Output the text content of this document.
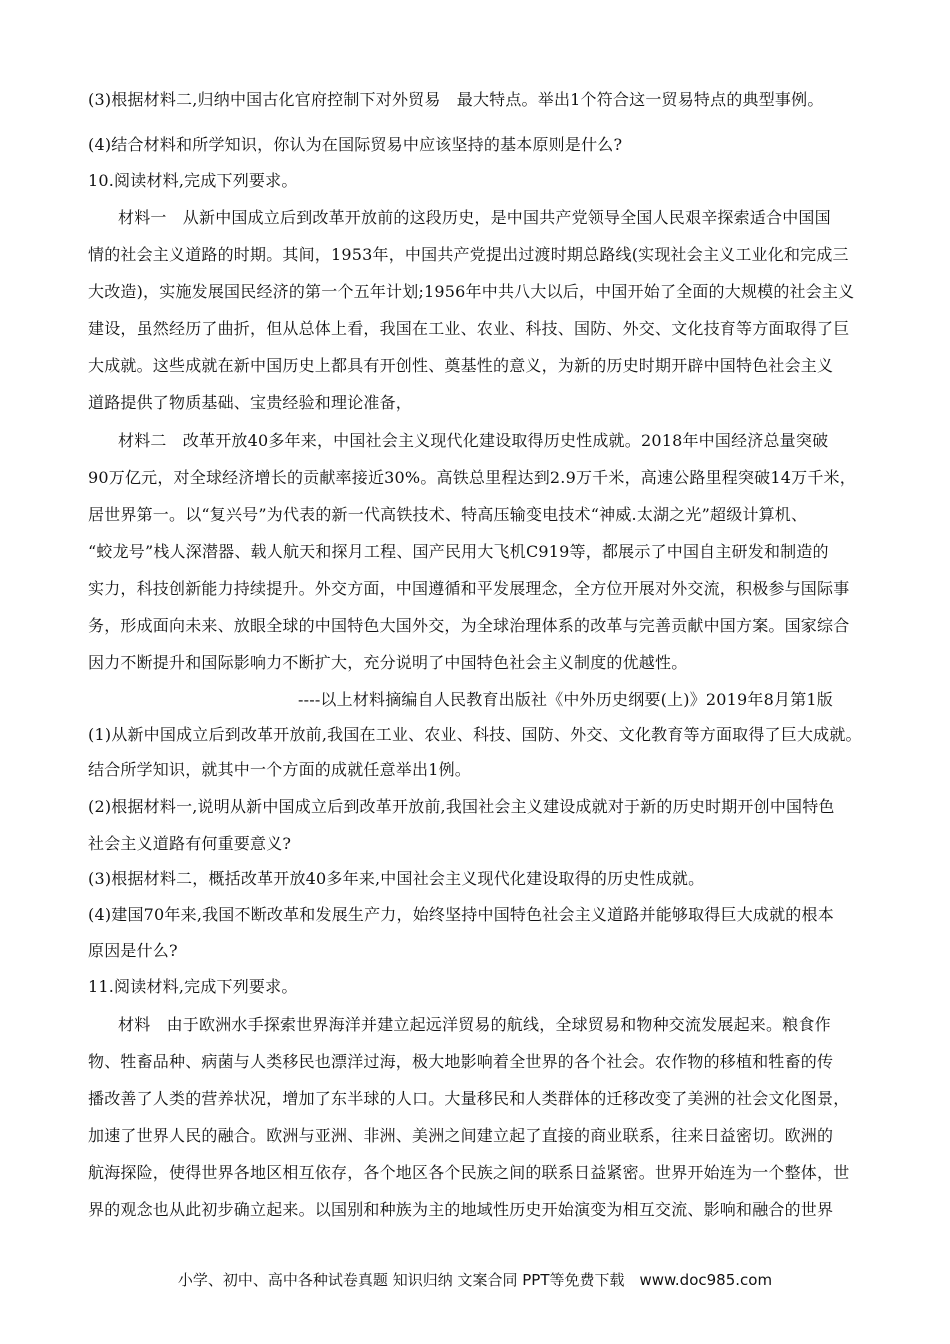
(3)根据材料二,归纳中国古化官府控制下对外贸易　最大特点。举出1个符合这一贸易特点的典型事例。
(4)结合材料和所学知识，你认为在国际贸易中应该坚持的基本原则是什么?
10.阅读材料,完成下列要求。
材料一　从新中国成立后到改革开放前的这段历史，是中国共产党领导全国人民艰辛探索适合中国国
情的社会主义道路的时期。其间，1953年，中国共产党提出过渡时期总路线(实现社会主义工业化和完成三
大改造)，实施发展国民经济的第一个五年计划;1956年中共八大以后，中国开始了全面的大规模的社会主义
建设，虽然经历了曲折，但从总体上看，我国在工业、农业、科技、国防、外交、文化技育等方面取得了巨
大成就。这些成就在新中国历史上都具有开创性、奠基性的意义，为新的历史时期开辟中国特色社会主义
道路提供了物质基础、宝贵经验和理论准备，
材料二　改革开放40多年来，中国社会主义现代化建设取得历史性成就。2018年中国经济总量突破
90万亿元，对全球经济增长的贡献率接近30%。高铁总里程达到2.9万千米，高速公路里程突破14万千米，
居世界第一。以“复兴号”为代表的新一代高铁技术、特高压输变电技术“神威.太湖之光”超级计算机、
“蛟龙号”栈人深潜器、载人航天和探月工程、国产民用大飞机C919等，都展示了中国自主研发和制造的
实力，科技创新能力持续提升。外交方面，中国遵循和平发展理念，全方位开展对外交流，积极参与国际事
务，形成面向未来、放眼全球的中国特色大国外交，为全球治理体系的改革与完善贡献中国方案。国家综合
因力不断提升和国际影响力不断扩大，充分说明了中国特色社会主义制度的优越性。
----以上材料摘编自人民教育出版社《中外历史纲要(上)》2019年8月第1版
(1)从新中国成立后到改革开放前,我国在工业、农业、科技、国防、外交、文化教育等方面取得了巨大成就。
结合所学知识，就其中一个方面的成就任意举出1例。
(2)根据材料一,说明从新中国成立后到改革开放前,我国社会主义建设成就对于新的历史时期开创中国特色
社会主义道路有何重要意义?
(3)根据材料二，概括改革开放40多年来,中国社会主义现代化建设取得的历史性成就。
(4)建国70年来,我国不断改革和发展生产力，始终坚持中国特色社会主义道路并能够取得巨大成就的根本
原因是什么?
11.阅读材料,完成下列要求。
材料　由于欧洲水手探索世界海洋并建立起远洋贸易的航线，全球贸易和物种交流发展起来。粮食作
物、牲畜品种、病菌与人类移民也漂洋过海，极大地影响着全世界的各个社会。农作物的移植和牲畜的传
播改善了人类的营养状况，增加了东半球的人口。大量移民和人类群体的迁移改变了美洲的社会文化图景，
加速了世界人民的融合。欧洲与亚洲、非洲、美洲之间建立起了直接的商业联系，往来日益密切。欧洲的
航海探险，使得世界各地区相互依存，各个地区各个民族之间的联系日益紧密。世界开始连为一个整体，世
界的观念也从此初步确立起来。以国别和种族为主的地域性历史开始演变为相互交流、影响和融合的世界
小学、初中、高中各种试卷真题 知识归纳 文案合同 PPT等免费下载　www.doc985.com
